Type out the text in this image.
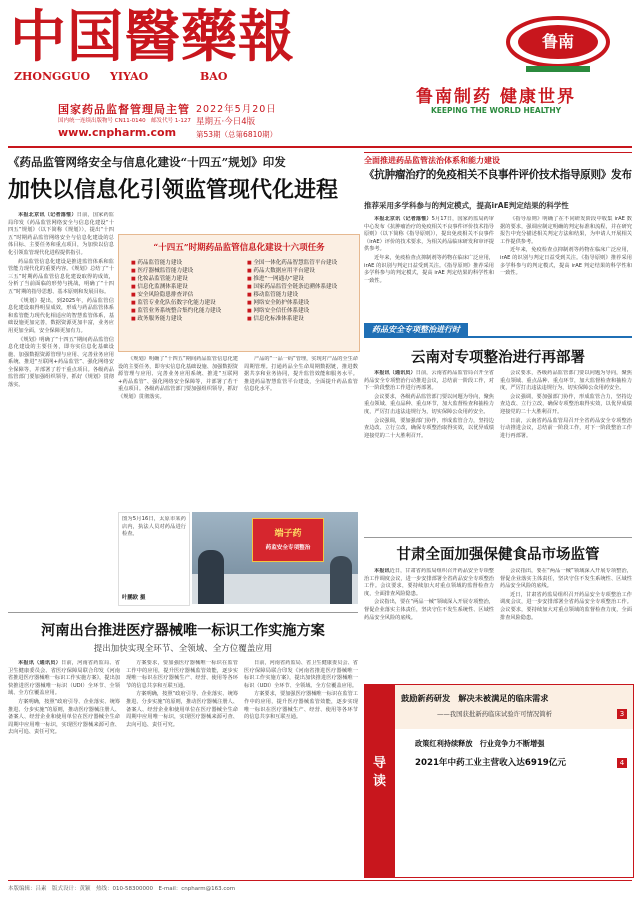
中国醫藥報
ZHONGGUO YIYAO	BAO
国家药品监督管理局主管
国内统一连续出版物号 CN11-0140　邮发代号 1-127
www.cnpharm.com
2022年5月20日
星期五·今日4版
第53期（总第6810期）
鲁南
鲁南制药 健康世界
KEEPING THE WORLD HEALTHY
《药品监管网络安全与信息化建设“十四五”规划》印发
加快以信息化引领监管现代化进程

本报北京讯（记者落惟）日前，国家药监局印发《药品监管网络安全与信息化建设“十四五”规划》（以下简称《规划》），提出“十四五”时期药品监管网络安全与信息化建设的总体目标、主要任务和重点项目，为加快以信息化引领监管现代化进程提供指引。

药品监管信息化建设是推进监管体系和监管能力现代化的重要内容。《规划》总结了“十三五”时期药品监管信息化建设取得的成效，分析了当前面临的形势与挑战，明确了“十四五”时期的指导思想、基本原则和发展目标。

《规划》提出，到2025年，药品监管信息化建设取得明显成效，形成与药品监管体系和监管能力现代化相适应的智慧监管体系，基础设施更加完善，数据资源更加丰富，业务应用更加全面，安全保障更加有力。

《规划》明确了“十四五”期间药品监管信息化建设的主要任务，即夯实信息化基础设施、加强数据资源管理与应用、完善业务应用系统、推进“互联网+药品监管”、强化网络安全保障等，并部署了若干重点项目。各级药品监管部门要加强组织领导，抓好《规划》贯彻落实。

“十四五”时期药品监管信息化建设十六项任务
■ 药品监管能力建设
■ 医疗器械监管能力建设
■ 化妆品监管能力建设
■ 信息化监测体系建设
■ 安全风险隐患排查评估
■ 监管专业化队伍数字化能力建设
■ 监管业务系统整合集约化能力建设
■ 政务服务能力建设
■ 全国一体化药品智慧监管平台建设
■ 药品大数据应用平台建设
■ 推进“一网通办”建设
■ 国家药品监管全链条追溯体系建设
■ 移动监管能力建设
■ 网络安全防护体系建设
■ 网络安全信任体系建设
■ 信息化标准体系建设

《规划》明确了“十四五”期间药品监管信息化建设的主要任务，即夯实信息化基础设施、加强数据资源管理与应用、完善业务应用系统、推进“互联网+药品监管”、强化网络安全保障等，并部署了若干重点项目。各级药品监管部门要加强组织领导，抓好《规划》贯彻落实。

产品的“一品一码”管理，实现对产品的全生命周期管理。打通药品全生命周期数据链，推进数据共享和业务协同，提升监管效能和服务水平。推进药品智慧监管平台建设，全面提升药品监管信息化水平。

图为5月16日，太原市某药店内，执法人员对药品进行检查。
叶鹏欧 摄
端子药
药监安全专项整治
全面推进药品监管法治体系和能力建设
《抗肿瘤治疗的免疫相关不良事件评价技术指导原则》发布
推荐采用多学科参与的判定模式，提高irAE判定结果的科学性

本报北京讯（记者落惟）5月17日，国家药监局药审中心发布《抗肿瘤治疗的免疫相关不良事件评价技术指导原则》（以下简称《指导原则》），提出免疫相关不良事件（irAE）评价的技术要求，为相关药品临床研发和审评提供参考。

近年来，免疫检查点抑制剂等药物在临床广泛应用，irAE 的识别与判定日益受到关注。《指导原则》推荐采用多学科参与的判定模式，提高 irAE 判定结果的科学性和一致性。

《指导原则》明确了在不同研发阶段中收集 irAE 数据的要求，强调应制定明确的判定标准和流程，并在研究报告中充分描述相关判定方法和结果，为申请人开展相关工作提供参考。

近年来，免疫检查点抑制剂等药物在临床广泛应用，irAE 的识别与判定日益受到关注。《指导原则》推荐采用多学科参与的判定模式，提高 irAE 判定结果的科学性和一致性。

药品安全专项整治进行时
云南对专项整治进行再部署

本报讯（通讯员）日前，云南省药品监管局召开全省药品安全专项整治行动推进会议，总结前一阶段工作，对下一阶段整治工作进行再部署。

会议要求，各级药品监管部门要以问题为导向，聚焦重点领域、重点品种、重点环节，加大监督检查和抽检力度，严厉打击违法违规行为，切实保障公众用药安全。

会议强调，要加强部门协作，形成监管合力，坚持边查边改、立行立改，确保专项整治取得实效，以优异成绩迎接党的二十大胜利召开。

会议要求，各级药品监管部门要以问题为导向，聚焦重点领域、重点品种、重点环节，加大监督检查和抽检力度，严厉打击违法违规行为，切实保障公众用药安全。

会议强调，要加强部门协作，形成监管合力，坚持边查边改、立行立改，确保专项整治取得实效，以优异成绩迎接党的二十大胜利召开。

日前，云南省药品监管局召开全省药品安全专项整治行动推进会议，总结前一阶段工作，对下一阶段整治工作进行再部署。

甘肃全面加强保健食品市场监管

本报讯近日，甘肃省药监局组织召开药品安全专项整治工作调度会议，进一步安排部署全省药品安全专项整治工作。会议要求，要持续加大对重点领域的监督检查力度，全面排查风险隐患。

会议指出，要在“两品一械”领域深入开展专项整治，督促企业落实主体责任，坚决守住不发生系统性、区域性药品安全风险的底线。

会议指出，要在“两品一械”领域深入开展专项整治，督促企业落实主体责任，坚决守住不发生系统性、区域性药品安全风险的底线。

近日，甘肃省药监局组织召开药品安全专项整治工作调度会议，进一步安排部署全省药品安全专项整治工作。会议要求，要持续加大对重点领域的监督检查力度，全面排查风险隐患。

河南出台推进医疗器械唯一标识工作实施方案
提出加快实现全环节、全领域、全方位覆盖应用

本报讯（通讯员）日前，河南省药监局、省卫生健康委员会、省医疗保障局联合印发《河南省推进医疗器械唯一标识工作实施方案》，提出加快推进医疗器械唯一标识（UDI）全环节、全领域、全方位覆盖应用。

方案明确，按照“政府引导、企业落实、统筹推进、分步实施”的原则，推动医疗器械注册人、备案人、经营企业和使用单位在医疗器械全生命周期中应用唯一标识，实现医疗器械来源可查、去向可追、责任可究。

方案要求，要加强医疗器械唯一标识在监管工作中的应用，提升医疗器械监管效能，逐步实现唯一标识在医疗器械生产、经营、使用等各环节的信息共享和互联互通。

方案明确，按照“政府引导、企业落实、统筹推进、分步实施”的原则，推动医疗器械注册人、备案人、经营企业和使用单位在医疗器械全生命周期中应用唯一标识，实现医疗器械来源可查、去向可追、责任可究。

日前，河南省药监局、省卫生健康委员会、省医疗保障局联合印发《河南省推进医疗器械唯一标识工作实施方案》，提出加快推进医疗器械唯一标识（UDI）全环节、全领域、全方位覆盖应用。

方案要求，要加强医疗器械唯一标识在监管工作中的应用，提升医疗器械监管效能，逐步实现唯一标识在医疗器械生产、经营、使用等各环节的信息共享和互联互通。

导读
鼓励新药研发　解决未被满足的临床需求
——我国获批新药临床试验许可情况简析	3
政策红利持续释放　行业竞争力不断增强
2021年中药工业主营收入达6919亿元	4
本版编辑：吕素　版式设计：黄颖　热线：010-58300000　E-mail：cnpharm@163.com
